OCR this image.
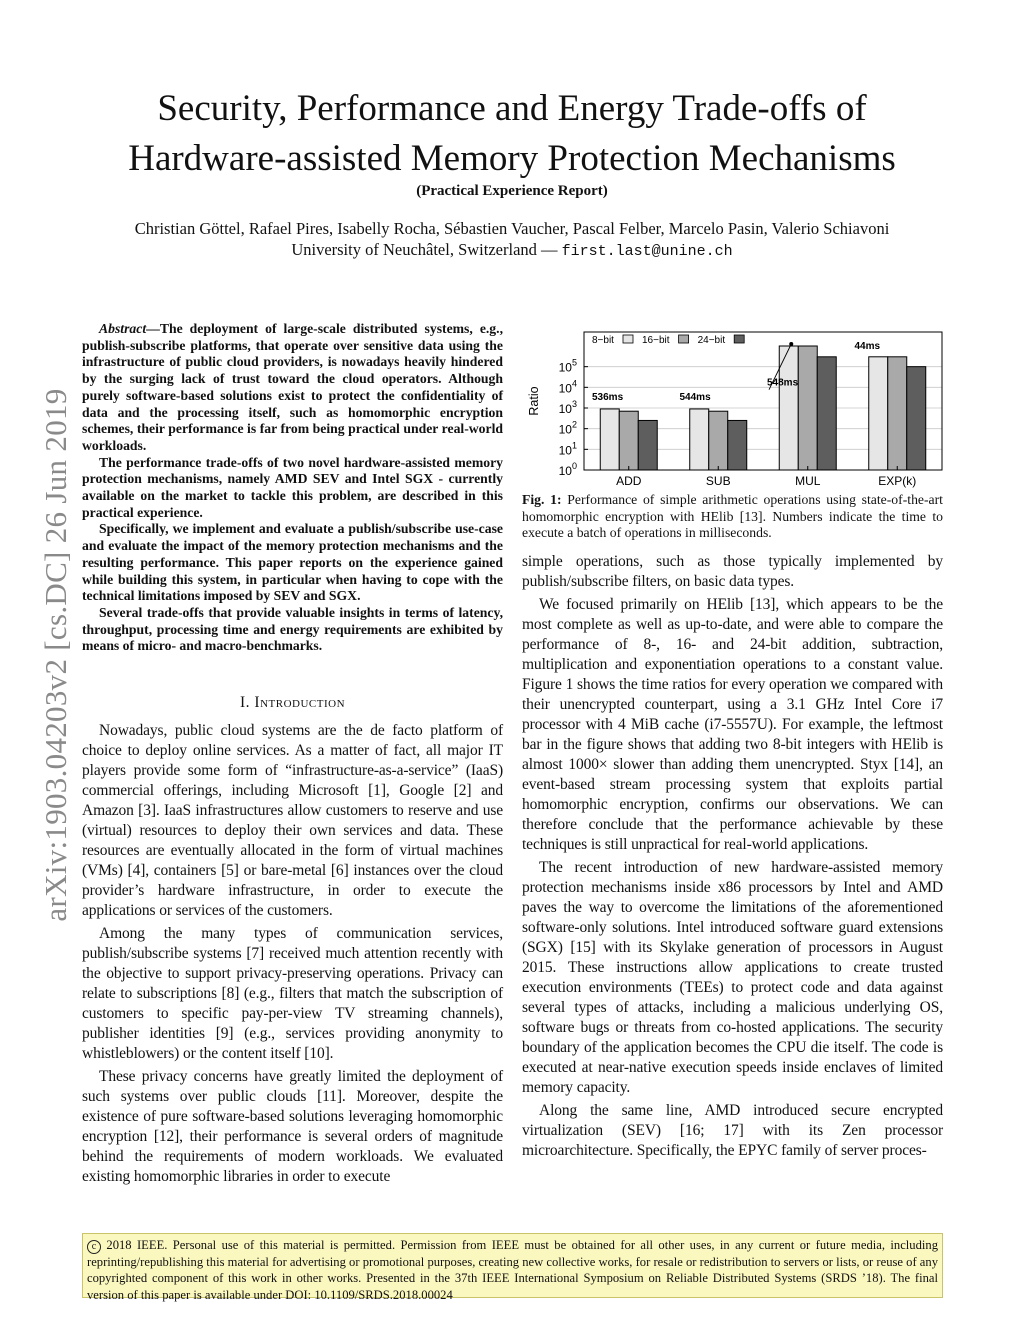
Security, Performance and Energy Trade-offs of
Hardware-assisted Memory Protection Mechanisms
(Practical Experience Report)
Christian Göttel, Rafael Pires, Isabelly Rocha, Sébastien Vaucher, Pascal Felber, Marcelo Pasin, Valerio Schiavoni
University of Neuchâtel, Switzerland — first.last@unine.ch
arXiv:1903.04203v2 [cs.DC] 26 Jun 2019

Abstract—The deployment of large-scale distributed systems, e.g., publish-subscribe platforms, that operate over sensitive data using the infrastructure of public cloud providers, is nowadays heavily hindered by the surging lack of trust toward the cloud operators. Although purely software-based solutions exist to protect the confidentiality of data and the processing itself, such as homomorphic encryption schemes, their performance is far from being practical under real-world workloads.

The performance trade-offs of two novel hardware-assisted memory protection mechanisms, namely AMD SEV and Intel SGX - currently available on the market to tackle this problem, are described in this practical experience.

Specifically, we implement and evaluate a publish/subscribe use-case and evaluate the impact of the memory protection mechanisms and the resulting performance. This paper reports on the experience gained while building this system, in particular when having to cope with the technical limitations imposed by SEV and SGX.

Several trade-offs that provide valuable insights in terms of latency, throughput, processing time and energy requirements are exhibited by means of micro- and macro-benchmarks.

I. Introduction

Nowadays, public cloud systems are the de facto platform of choice to deploy online services. As a matter of fact, all major IT players provide some form of “infrastructure-as-a-service” (IaaS) commercial offerings, including Microsoft [1], Google [2] and Amazon [3]. IaaS infrastructures allow customers to reserve and use (virtual) resources to deploy their own services and data. These resources are eventually allocated in the form of virtual machines (VMs) [4], containers [5] or bare-metal [6] instances over the cloud provider’s hardware infrastructure, in order to execute the applications or services of the customers.

Among the many types of communication services, publish/subscribe systems [7] received much attention recently with the objective to support privacy-preserving operations. Privacy can relate to subscriptions [8] (e.g., filters that match the subscription of customers to specific pay-per-view TV streaming channels), publisher identities [9] (e.g., services providing anonymity to whistleblowers) or the content itself [10].

These privacy concerns have greatly limited the deployment of such systems over public clouds [11]. Moreover, despite the existence of pure software-based solutions leveraging homomorphic encryption [12], their performance is several orders of magnitude behind the requirements of modern workloads. We evaluated existing homomorphic libraries in order to execute

$10^0$
$10^1$
$10^2$
$10^3$
$10^4$
$10^5$
Ratio
ADD	SUB	MUL	EXP(k)
536ms	544ms
548ms
44ms
8−bit	16−bit	24−bit
Fig. 1: Performance of simple arithmetic operations using state-of-the-art homomorphic encryption with HElib [13]. Numbers indicate the time to execute a batch of operations in milliseconds.

simple operations, such as those typically implemented by publish/subscribe filters, on basic data types.

We focused primarily on HElib [13], which appears to be the most complete as well as up-to-date, and were able to compare the performance of 8-, 16- and 24-bit addition, subtraction, multiplication and exponentiation operations to a constant value. Figure 1 shows the time ratios for every operation we compared with their unencrypted counterpart, using a 3.1 GHz Intel Core i7 processor with 4 MiB cache (i7-5557U). For example, the leftmost bar in the figure shows that adding two 8-bit integers with HElib is almost 1000× slower than adding them unencrypted. Styx [14], an event-based stream processing system that exploits partial homomorphic encryption, confirms our observations. We can therefore conclude that the performance achievable by these techniques is still unpractical for real-world applications.

The recent introduction of new hardware-assisted memory protection mechanisms inside x86 processors by Intel and AMD paves the way to overcome the limitations of the aforementioned software-only solutions. Intel introduced software guard extensions (SGX) [15] with its Skylake generation of processors in August 2015. These instructions allow applications to create trusted execution environments (TEEs) to protect code and data against several types of attacks, including a malicious underlying OS, software bugs or threats from co-hosted applications. The security boundary of the application becomes the CPU die itself. The code is executed at near-native execution speeds inside enclaves of limited memory capacity.

Along the same line, AMD introduced secure encrypted virtualization (SEV) [16; 17] with its Zen processor microarchitecture. Specifically, the EPYC family of server proces-

c 2018 IEEE. Personal use of this material is permitted. Permission from IEEE must be obtained for all other uses, in any current or future media, including reprinting/republishing this material for advertising or promotional purposes, creating new collective works, for resale or redistribution to servers or lists, or reuse of any copyrighted component of this work in other works. Presented in the 37th IEEE International Symposium on Reliable Distributed Systems (SRDS ’18). The final version of this paper is available under DOI: 10.1109/SRDS.2018.00024
